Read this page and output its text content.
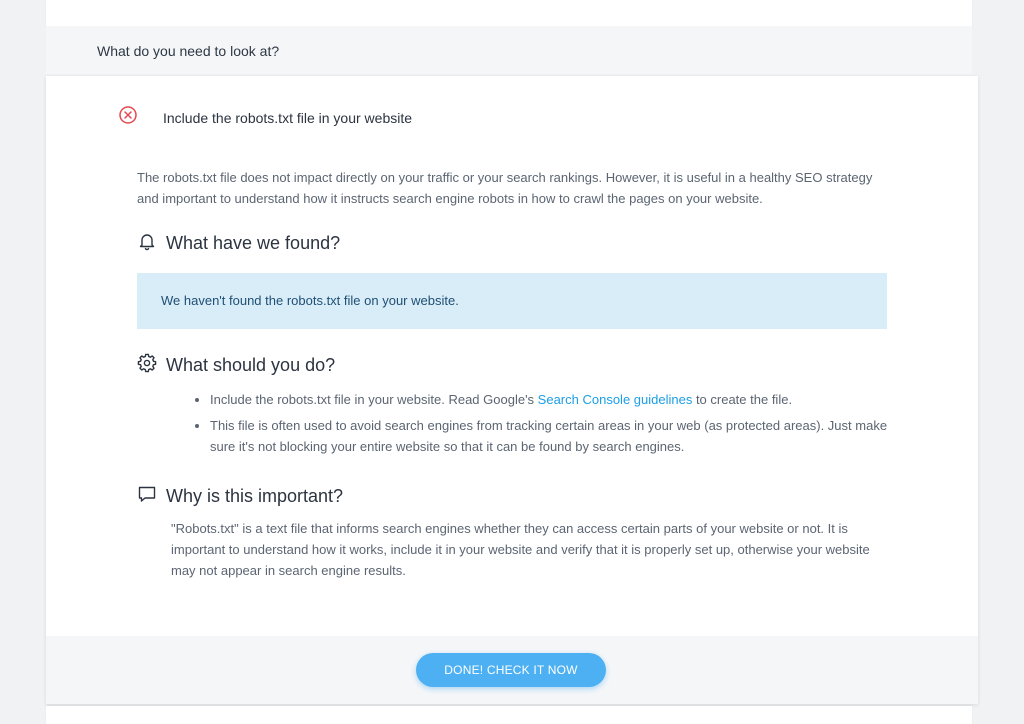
What do you need to look at?
Include the robots.txt file in your website

The robots.txt file does not impact directly on your traffic or your search rankings. However, it is useful in a healthy SEO strategy and important to understand how it instructs search engine robots in how to crawl the pages on your website.

What have we found?
We haven't found the robots.txt file on your website.
What should you do?
• Include the robots.txt file in your website. Read Google's Search Console guidelines to create the file.
• This file is often used to avoid search engines from tracking certain areas in your web (as protected areas). Just make sure it's not blocking your entire website so that it can be found by search engines.
Why is this important?

"Robots.txt" is a text file that informs search engines whether they can access certain parts of your website or not. It is important to understand how it works, include it in your website and verify that it is properly set up, otherwise your website may not appear in search engine results.

DONE! CHECK IT NOW
